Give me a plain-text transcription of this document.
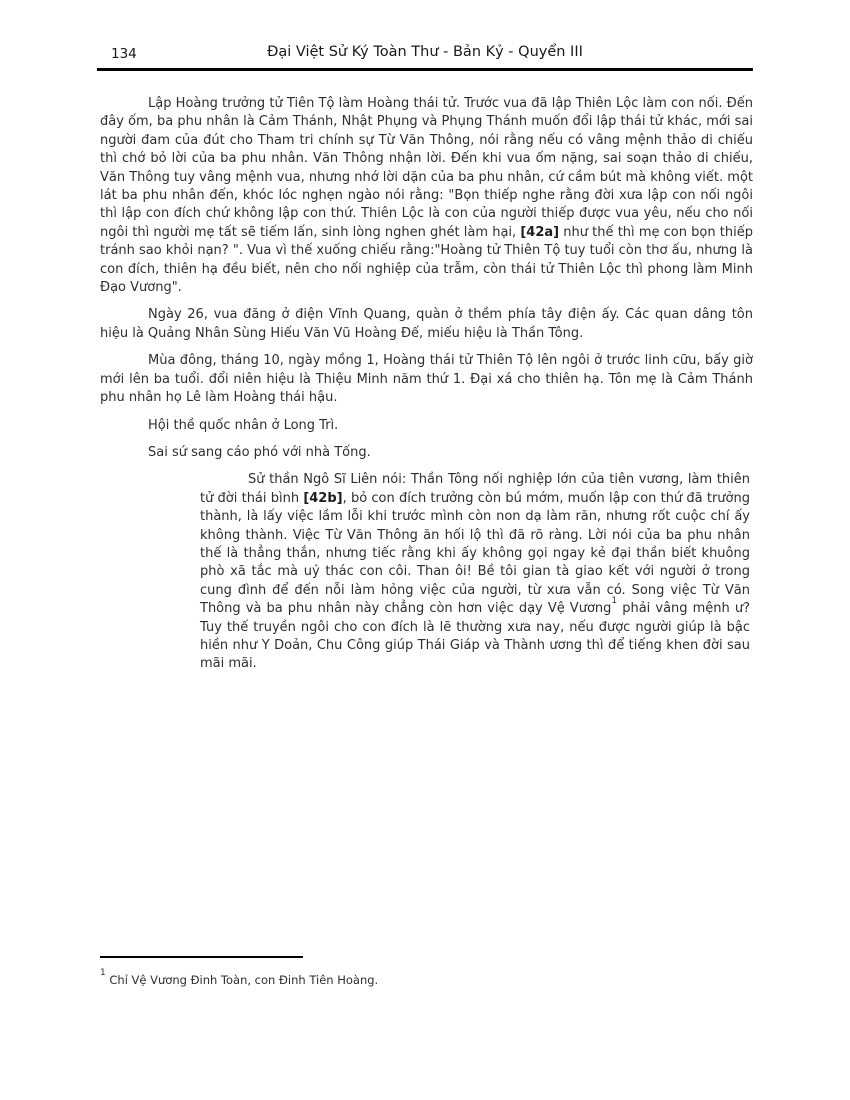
134	Đại Việt Sử Ký Toàn Thư - Bản Kỷ - Quyển III

Lập Hoàng trưởng tử Tiên Tộ làm Hoàng thái tử. Trước vua đã lập Thiên Lộc làm con nối. Đến đây ốm, ba phu nhân là Cảm Thánh, Nhật Phụng và Phụng Thánh muốn đổi lập thái tử khác, mới sai người đam của đút cho Tham tri chính sự Từ Văn Thông, nói rằng nếu có vâng mệnh thảo di chiếu thì chớ bỏ lời của ba phu nhân. Văn Thông nhận lời. Đến khi vua ốm nặng, sai soạn thảo di chiếu, Văn Thông tuy vâng mệnh vua, nhưng nhớ lời dặn của ba phu nhân, cứ cầm bút mà không viết. một lát ba phu nhân đến, khóc lóc nghẹn ngào nói rằng: "Bọn thiếp nghe rằng đời xưa lập con nối ngôi thì lập con đích chứ không lập con thứ. Thiên Lộc là con của người thiếp được vua yêu, nếu cho nối ngôi thì người mẹ tất sẽ tiếm lấn, sinh lòng nghen ghét làm hại, [42a] như thế thì mẹ con bọn thiếp tránh sao khỏi nạn? ". Vua vì thế xuống chiếu rằng:"Hoàng tử Thiên Tộ tuy tuổi còn thơ ấu, nhưng là con đích, thiên hạ đều biết, nên cho nối nghiệp của trẫm, còn thái tử Thiên Lộc thì phong làm Minh Đạo Vương".

Ngày 26, vua đăng ở điện Vĩnh Quang, quàn ở thềm phía tây điện ấy. Các quan dâng tôn hiệu là Quảng Nhân Sùng Hiếu Văn Vũ Hoàng Đế, miếu hiệu là Thần Tông.

Mùa đông, tháng 10, ngày mồng 1, Hoàng thái tử Thiên Tộ lên ngôi ở trước linh cữu, bấy giờ mới lên ba tuổi. đổi niên hiệu là Thiệu Minh năm thứ 1. Đại xá cho thiên hạ. Tôn mẹ là Cảm Thánh phu nhân họ Lê làm Hoàng thái hậu.

Hội thề quốc nhân ở Long Trì.

Sai sứ sang cáo phó với nhà Tống.

Sử thần Ngô Sĩ Liên nói: Thần Tông nối nghiệp lớn của tiên vương, làm thiên tử đời thái bình [42b], bỏ con đích trưởng còn bú mớm, muốn lập con thứ đã trưởng thành, là lấy việc lầm lỗi khi trước mình còn non dạ làm răn, nhưng rốt cuộc chí ấy không thành. Việc Từ Văn Thông ăn hối lộ thì đã rõ ràng. Lời nói của ba phu nhân thế là thẳng thắn, nhưng tiếc rằng khi ấy không gọi ngay kẻ đại thần biết khuông phò xã tắc mà uỷ thác con côi. Than ôi! Bề tôi gian tà giao kết với người ở trong cung đình để đến nỗi làm hỏng việc của người, từ xưa vẫn có. Song việc Từ Văn Thông và ba phu nhân này chẳng còn hơn việc dạy Vệ Vương$^1$ phải vâng mệnh ư? Tuy thế truyền ngôi cho con đích là lẽ thường xưa nay, nếu được người giúp là bậc hiền như Y Doản, Chu Công giúp Thái Giáp và Thành ương thì để tiếng khen đời sau mãi mãi.

$^1$ Chỉ Vệ Vương Đinh Toàn, con Đinh Tiên Hoàng.
